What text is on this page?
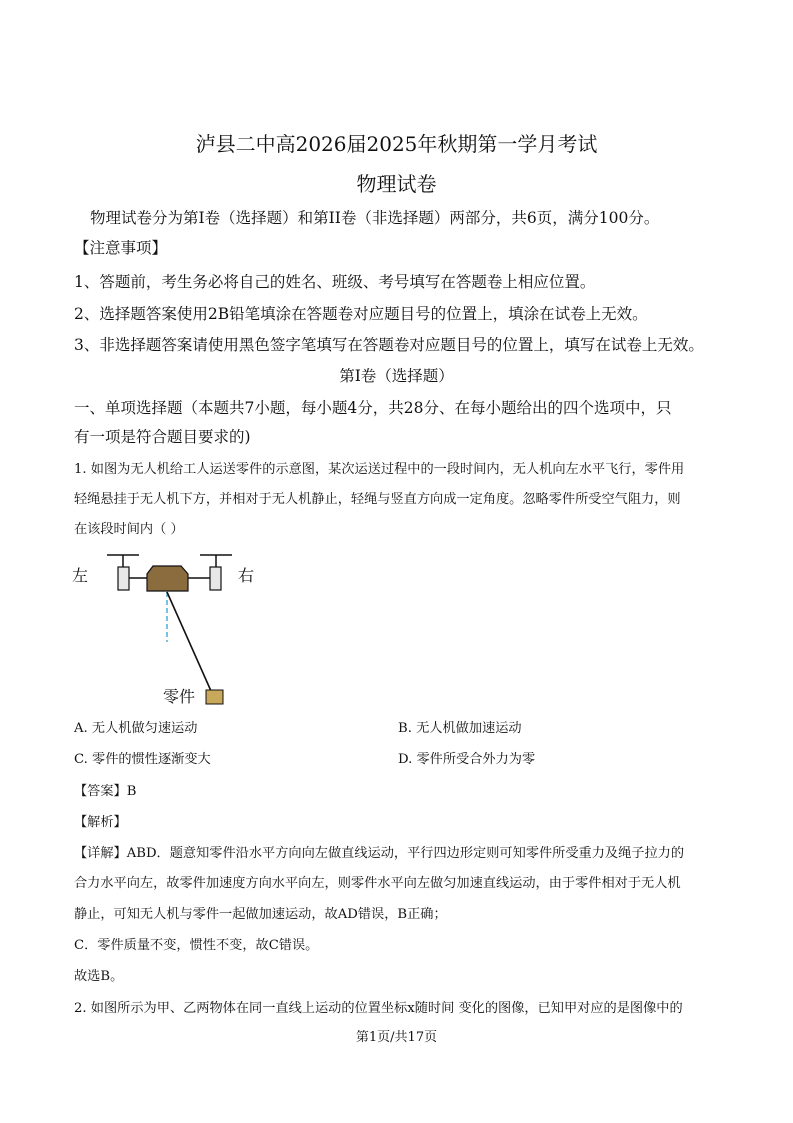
泸县二中高2026届2025年秋期第一学月考试
物理试卷
物理试卷分为第I卷（选择题）和第II卷（非选择题）两部分，共6页，满分100分。
【注意事项】
1、答题前，考生务必将自己的姓名、班级、考号填写在答题卷上相应位置。
2、选择题答案使用2B铅笔填涂在答题卷对应题目号的位置上，填涂在试卷上无效。
3、非选择题答案请使用黑色签字笔填写在答题卷对应题目号的位置上，填写在试卷上无效。
第I卷（选择题）
一、单项选择题（本题共7小题，每小题4分，共28分、在每小题给出的四个选项中，只
有一项是符合题目要求的)
1. 如图为无人机给工人运送零件的示意图，某次运送过程中的一段时间内，无人机向左水平飞行，零件用
轻绳悬挂于无人机下方，并相对于无人机静止，轻绳与竖直方向成一定角度。忽略零件所受空气阻力，则
在该段时间内（ ）
左	右
零件
A. 无人机做匀速运动	B. 无人机做加速运动
C. 零件的惯性逐渐变大	D. 零件所受合外力为零
【答案】B
【解析】
【详解】ABD．题意知零件沿水平方向向左做直线运动，平行四边形定则可知零件所受重力及绳子拉力的
合力水平向左，故零件加速度方向水平向左，则零件水平向左做匀加速直线运动，由于零件相对于无人机
静止，可知无人机与零件一起做加速运动，故AD错误，B正确；
C．零件质量不变，惯性不变，故C错误。
故选B。
2. 如图所示为甲、乙两物体在同一直线上运动的位置坐标x随时间 变化的图像，已知甲对应的是图像中的
第1页/共17页
